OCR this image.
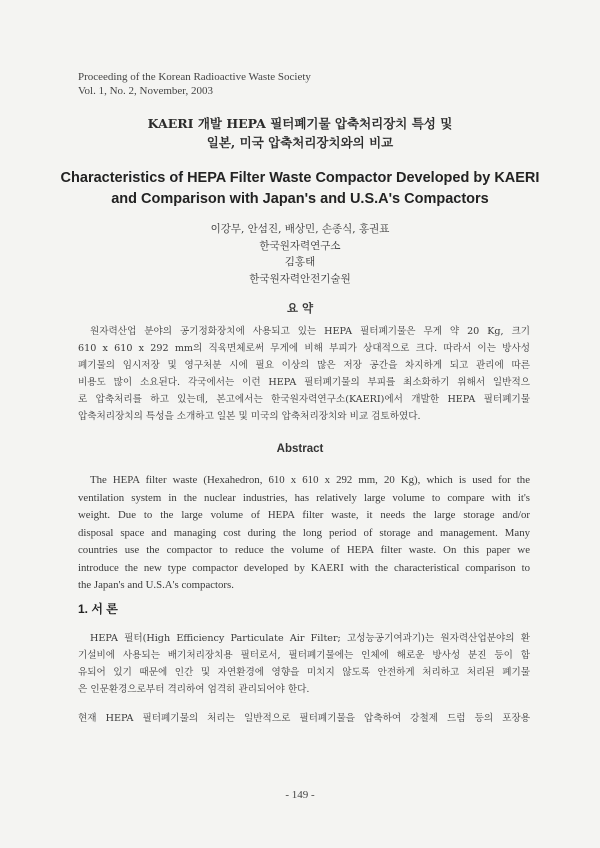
Proceeding of the Korean Radioactive Waste Society
Vol. 1, No. 2, November, 2003
KAERI 개발 HEPA 필터폐기물 압축처리장치 특성 및
일본, 미국 압축처리장치와의 비교
Characteristics of HEPA Filter Waste Compactor Developed by KAERI
and Comparison with Japan's and U.S.A's Compactors
이강무, 안섬진, 배상민, 손종식, 홍권표
한국원자력연구소
김홍태
한국원자력안전기술원
요 약
원자력산업 분야의 공기정화장치에 사용되고 있는 HEPA 필터폐기물은 무게 약 20 Kg, 크기
610 x 610 x 292 mm의 직육면체로써 무게에 비해 부피가 상대적으로 크다. 따라서 이는 방사성
폐기물의 임시저장 및 영구처분 시에 필요 이상의 많은 저장 공간을 차지하게 되고 관리에 따른
비용도 많이 소요된다. 각국에서는 이런 HEPA 필터폐기물의 부피를 최소화하기 위해서 일반적으
로 압축처리를 하고 있는데, 본고에서는 한국원자력연구소(KAERI)에서 개발한 HEPA 필터폐기물
압축처리장치의 특성을 소개하고 일본 및 미국의 압축처리장치와 비교 검토하였다.
Abstract
The HEPA filter waste (Hexahedron, 610 x 610 x 292 mm, 20 Kg), which is used for the
ventilation system in the nuclear industries, has relatively large volume to compare with it's
weight. Due to the large volume of HEPA filter waste, it needs the large storage and/or
disposal space and managing cost during the long period of storage and management. Many
countries use the compactor to reduce the volume of HEPA filter waste. On this paper we
introduce the new type compactor developed by KAERI with the characteristical comparison to
the Japan's and U.S.A's compactors.
1. 서 론
HEPA 필터(High Efficiency Particulate Air Filter; 고성능공기여과기)는 원자력산업분야의 환
기설비에 사용되는 배기처리장치용 필터로서, 필터폐기물에는 인체에 해로운 방사성 분진 등이 함
유되어 있기 때문에 인간 및 자연환경에 영향을 미치지 않도록 안전하게 처리하고 처리된 폐기물
은 인문환경으로부터 격리하여 엄격히 관리되어야 한다.
현재 HEPA 필터폐기물의 처리는 일반적으로 필터폐기물을 압축하여 강철제 드럼 등의 포장용
- 149 -
